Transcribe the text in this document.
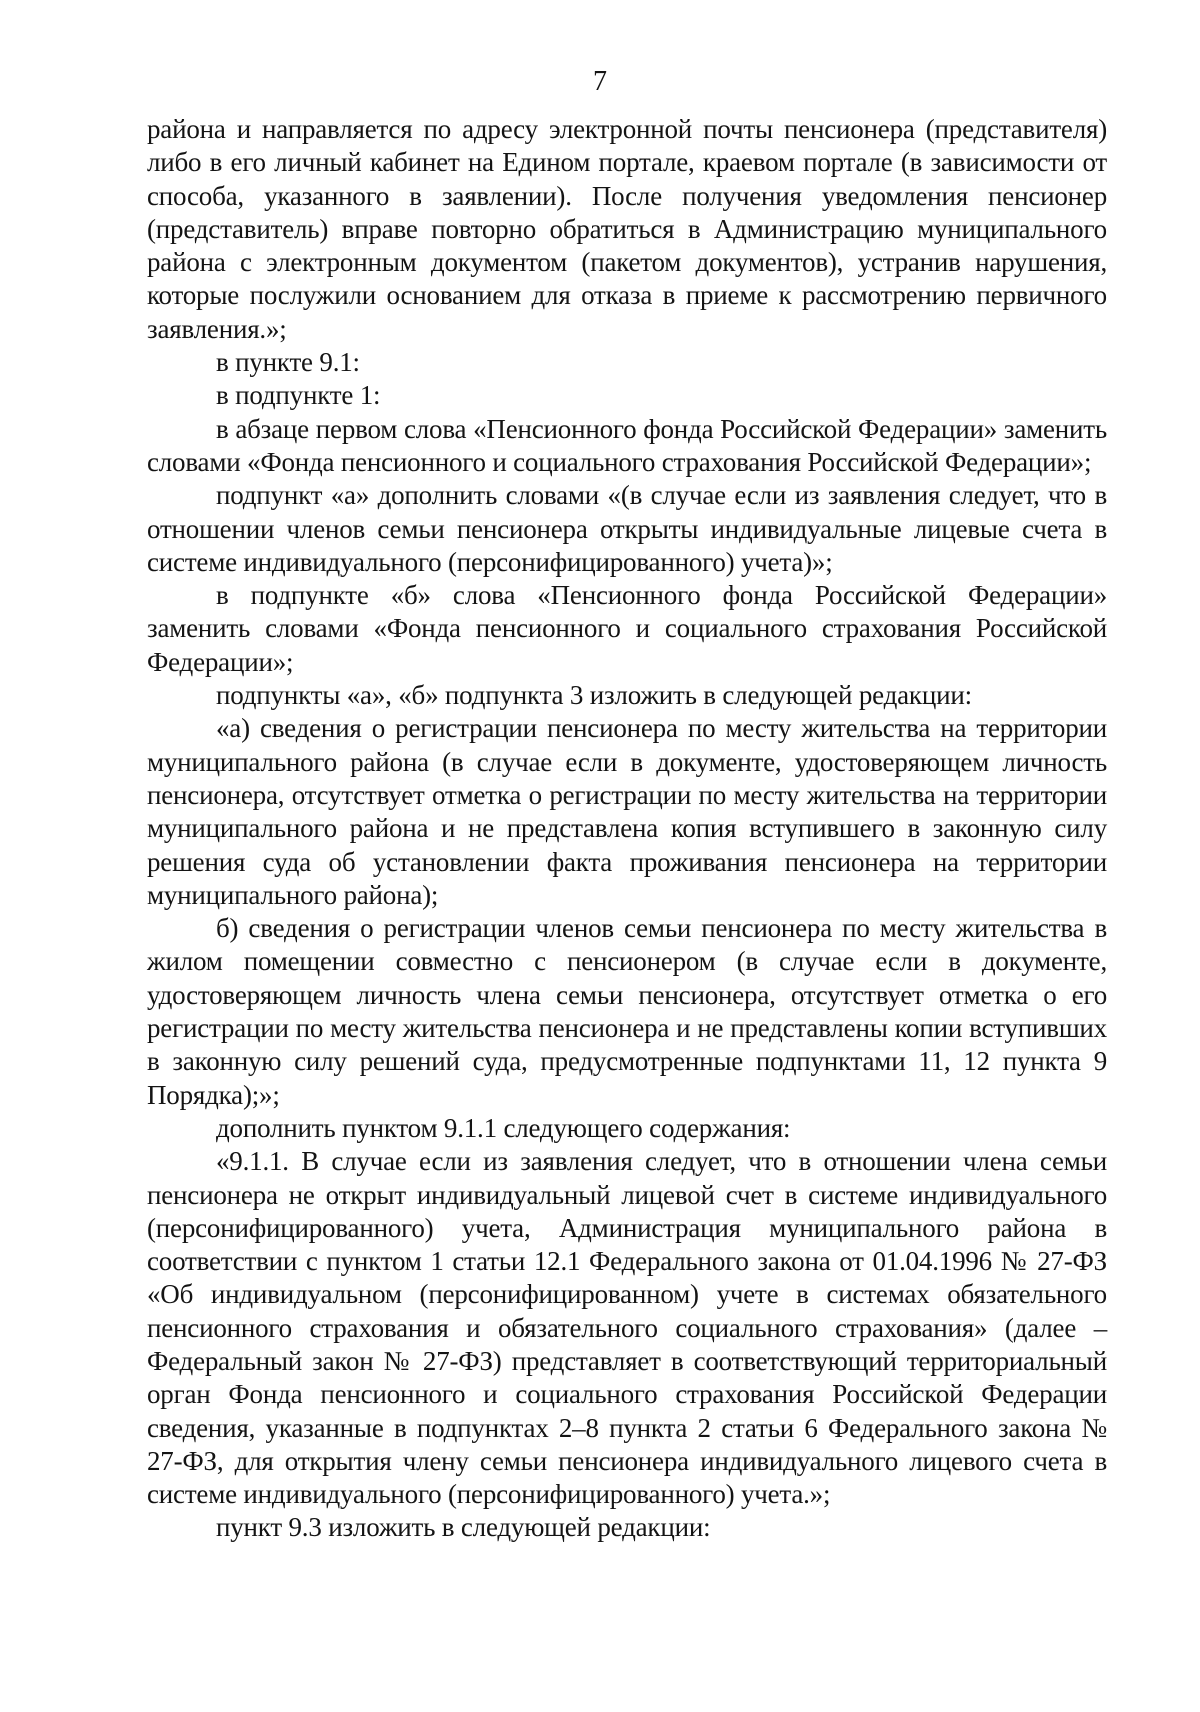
7

района и направляется по адресу электронной почты пенсионера (представителя) либо в его личный кабинет на Едином портале, краевом портале (в зависимости от способа, указанного в заявлении). После получения уведомления пенсионер (представитель) вправе повторно обратиться в Администрацию муниципального района с электронным документом (пакетом документов), устранив нарушения, которые послужили основанием для отказа в приеме к рассмотрению первичного заявления.»;

в пункте 9.1:

в подпункте 1:

в абзаце первом слова «Пенсионного фонда Российской Федерации» заменить словами «Фонда пенсионного и социального страхования Российской Федерации»;

подпункт «а» дополнить словами «(в случае если из заявления следует, что в отношении членов семьи пенсионера открыты индивидуальные лицевые счета в системе индивидуального (персонифицированного) учета)»;

в подпункте «б» слова «Пенсионного фонда Российской Федерации» заменить словами «Фонда пенсионного и социального страхования Российской Федерации»;

подпункты «а», «б» подпункта 3 изложить в следующей редакции:

«а) сведения о регистрации пенсионера по месту жительства на территории муниципального района (в случае если в документе, удостоверяющем личность пенсионера, отсутствует отметка о регистрации по месту жительства на территории муниципального района и не представлена копия вступившего в законную силу решения суда об установлении факта проживания пенсионера на территории муниципального района);

б) сведения о регистрации членов семьи пенсионера по месту жительства в жилом помещении совместно с пенсионером (в случае если в документе, удостоверяющем личность члена семьи пенсионера, отсутствует отметка о его регистрации по месту жительства пенсионера и не представлены копии вступивших в законную силу решений суда, предусмотренные подпунктами 11, 12 пункта 9 Порядка);»;

дополнить пунктом 9.1.1 следующего содержания:

«9.1.1. В случае если из заявления следует, что в отношении члена семьи пенсионера не открыт индивидуальный лицевой счет в системе индивидуального (персонифицированного) учета, Администрация муниципального района в соответствии с пунктом 1 статьи 12.1 Федерального закона от 01.04.1996 № 27-ФЗ «Об индивидуальном (персонифицированном) учете в системах обязательного пенсионного страхования и обязательного социального страхования» (далее – Федеральный закон № 27-ФЗ) представляет в соответствующий территориальный орган Фонда пенсионного и социального страхования Российской Федерации сведения, указанные в подпунктах 2–8 пункта 2 статьи 6 Федерального закона № 27-ФЗ, для открытия члену семьи пенсионера индивидуального лицевого счета в системе индивидуального (персонифицированного) учета.»;

пункт 9.3 изложить в следующей редакции:
